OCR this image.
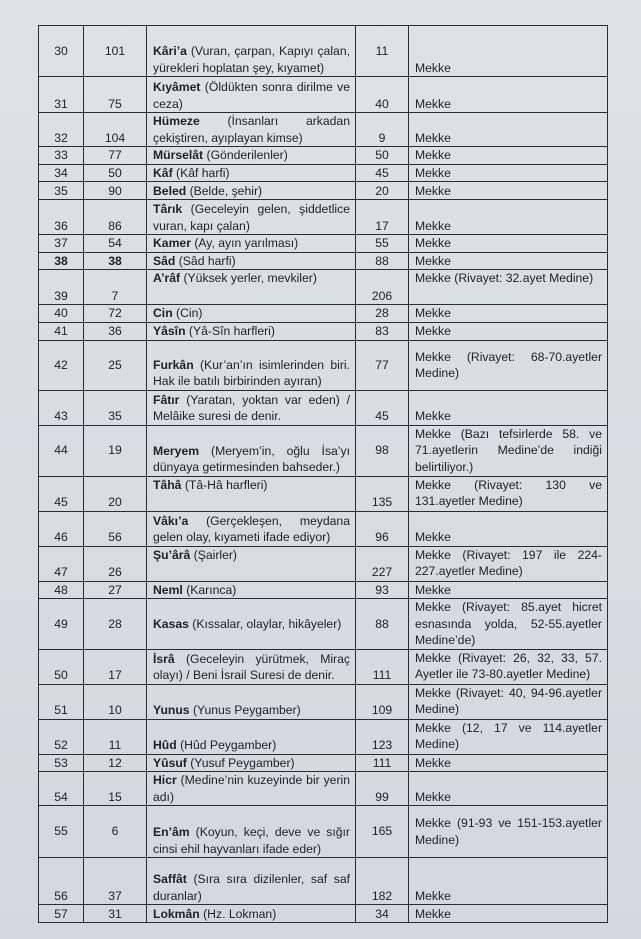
30	101	Kâri’a (Vuran, çarpan, Kapıyı çalan, yürekleri hoplatan şey, kıyamet)	11	Mekke
31	75	Kıyâmet (Öldükten sonra dirilme ve ceza)	40	Mekke
32	104	Hümeze (İnsanları arkadan çekiştiren, ayıplayan kimse)	9	Mekke
33	77	Mürselât (Gönderilenler)	50	Mekke
34	50	Kâf (Kâf harfi)	45	Mekke
35	90	Beled (Belde, şehir)	20	Mekke
36	86	Târık (Geceleyin gelen, şiddetlice vuran, kapı çalan)	17	Mekke
37	54	Kamer (Ay, ayın yarılması)	55	Mekke
38	38	Sâd (Sâd harfi)	88	Mekke
39	7	A’râf (Yüksek yerler, mevkiler)	206	Mekke (Rivayet: 32.ayet Medine)
40	72	Cin (Cin)	28	Mekke
41	36	Yâsîn (Yâ-Sîn harfleri)	83	Mekke
42	25	Furkân (Kur’an’ın isimlerinden biri. Hak ile batılı birbirinden ayıran)	77	Mekke (Rivayet: 68-70.ayetler Medine)
43	35	Fâtır (Yaratan, yoktan var eden) / Melâike suresi de denir.	45	Mekke
44	19	Meryem (Meryem’in, oğlu İsa’yı dünyaya getirmesinden bahseder.)	98	Mekke (Bazı tefsirlerde 58. ve 71.ayetlerin Medine’de indiği belirtiliyor.)
45	20	Tâhâ (Tâ-Hâ harfleri)	135	Mekke (Rivayet: 130 ve 131.ayetler Medine)
46	56	Vâkı’a (Gerçekleşen, meydana gelen olay, kıyameti ifade ediyor)	96	Mekke
47	26	Şu’ârâ (Şairler)	227	Mekke (Rivayet: 197 ile 224-227.ayetler Medine)
48	27	Neml (Karınca)	93	Mekke
49	28	Kasas (Kıssalar, olaylar, hikâyeler)	88	Mekke (Rivayet: 85.ayet hicret esnasında yolda, 52-55.ayetler Medine’de)
50	17	İsrâ (Geceleyin yürütmek, Miraç olayı) / Beni İsrail Suresi de denir.	111	Mekke (Rivayet: 26, 32, 33, 57. Ayetler ile 73-80.ayetler Medine)
51	10	Yunus (Yunus Peygamber)	109	Mekke (Rivayet: 40, 94-96.ayetler Medine)
52	11	Hûd (Hûd Peygamber)	123	Mekke (12, 17 ve 114.ayetler Medine)
53	12	Yûsuf (Yusuf Peygamber)	111	Mekke
54	15	Hicr (Medine’nin kuzeyinde bir yerin adı)	99	Mekke
55	6	En’âm (Koyun, keçi, deve ve sığır cinsi ehil hayvanları ifade eder)	165	Mekke (91-93 ve 151-153.ayetler Medine)
56	37	Saffât (Sıra sıra dizilenler, saf saf duranlar)	182	Mekke
57	31	Lokmân (Hz. Lokman)	34	Mekke
